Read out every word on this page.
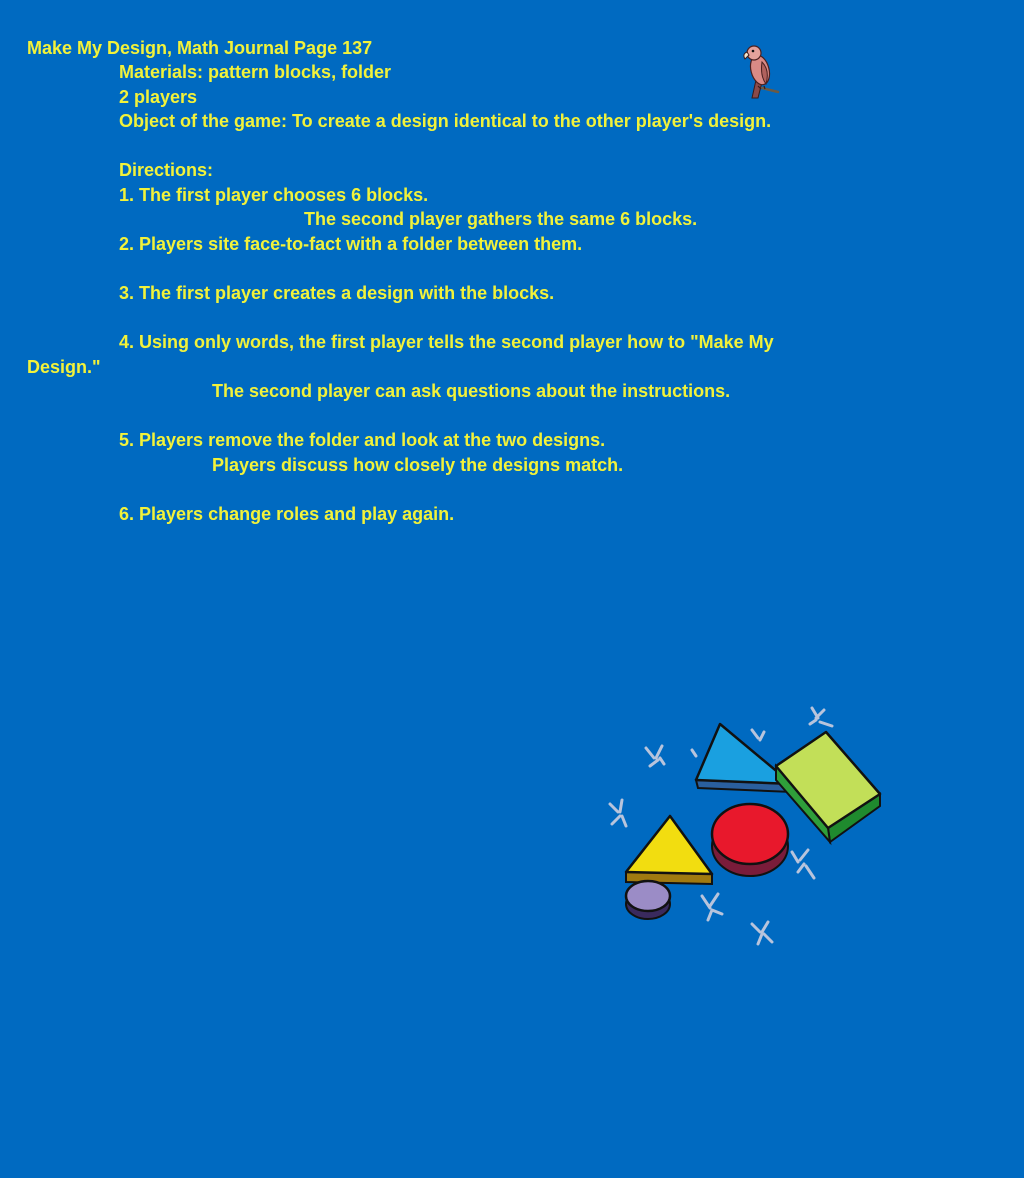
Make My Design, Math Journal Page 137
Materials: pattern blocks, folder
2 players
Object of the game: To create a design identical to the other player's design.
Directions:
1. The first player chooses 6 blocks.
The second player gathers the same 6 blocks.
2. Players site face-to-fact with a folder between them.
3. The first player creates a design with the blocks.
4. Using only words, the first player tells the second player how to "Make My
Design."
The second player can ask questions about the instructions.
5. Players remove the folder and look at the two designs.
Players discuss how closely the designs match.
6. Players change roles and play again.
